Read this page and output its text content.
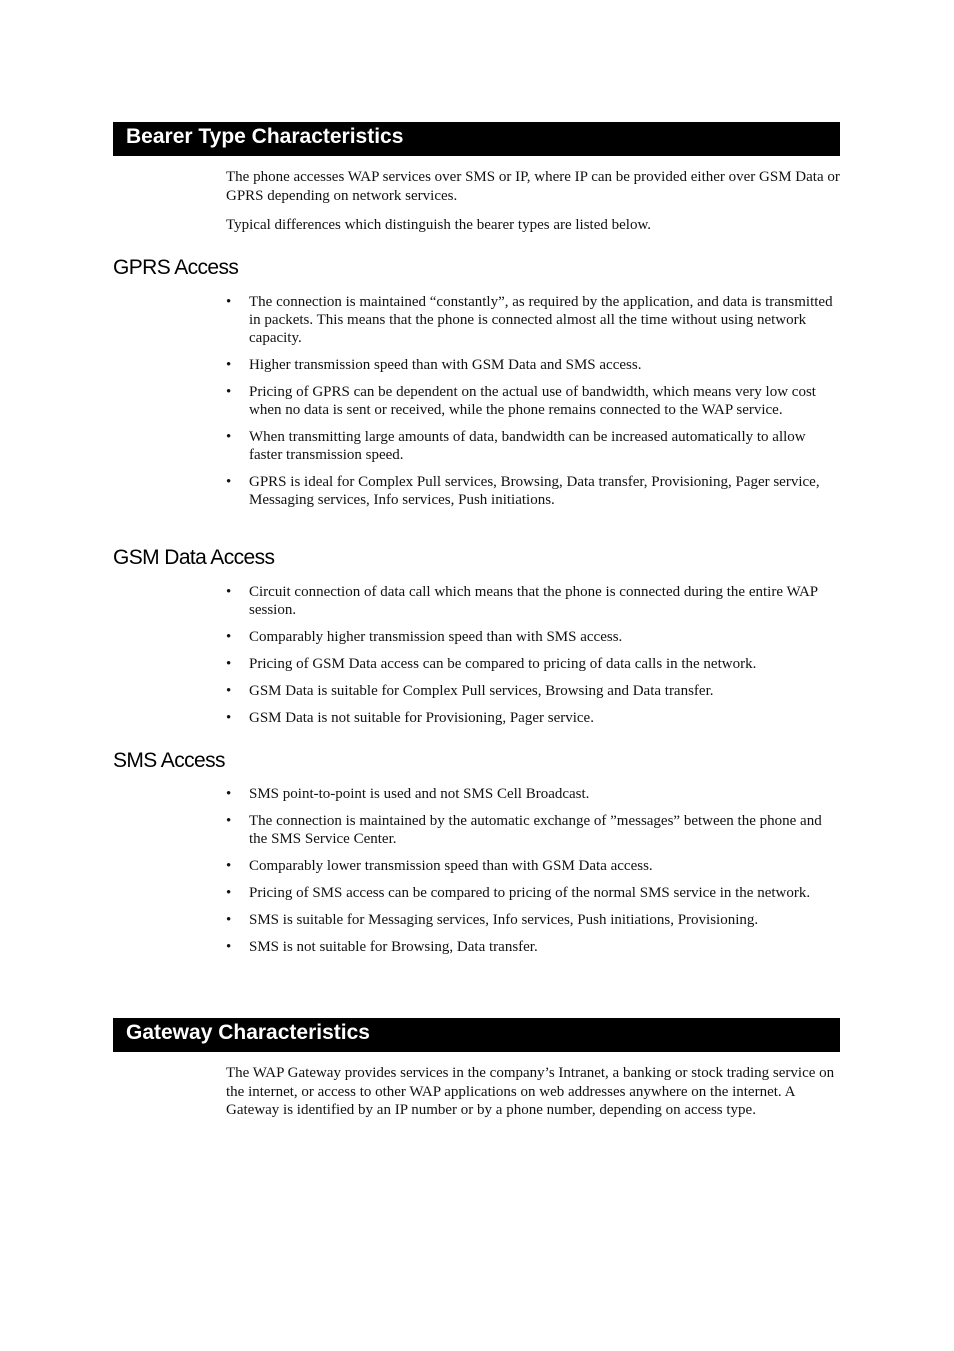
Bearer Type Characteristics

The phone accesses WAP services over SMS or IP, where IP can be provided either over GSM Data or GPRS depending on network services.

Typical differences which distinguish the bearer types are listed below.

GPRS Access
• The connection is maintained “constantly”, as required by the application, and data is transmitted in packets. This means that the phone is connected almost all the time without using network capacity.
• Higher transmission speed than with GSM Data and SMS access.
• Pricing of GPRS can be dependent on the actual use of bandwidth, which means very low cost when no data is sent or received, while the phone remains connected to the WAP service.
• When transmitting large amounts of data, bandwidth can be increased automatically to allow faster transmission speed.
• GPRS is ideal for Complex Pull services, Browsing, Data transfer, Provisioning, Pager service, Messaging services, Info services, Push initiations.
GSM Data Access
• Circuit connection of data call which means that the phone is connected during the entire WAP session.
• Comparably higher transmission speed than with SMS access.
• Pricing of GSM Data access can be compared to pricing of data calls in the network.
• GSM Data is suitable for Complex Pull services, Browsing and Data transfer.
• GSM Data is not suitable for Provisioning, Pager service.
SMS Access
• SMS point-to-point is used and not SMS Cell Broadcast.
• The connection is maintained by the automatic exchange of ”messages” between the phone and the SMS Service Center.
• Comparably lower transmission speed than with GSM Data access.
• Pricing of SMS access can be compared to pricing of the normal SMS service in the network.
• SMS is suitable for Messaging services, Info services, Push initiations, Provisioning.
• SMS is not suitable for Browsing, Data transfer.
Gateway Characteristics

The WAP Gateway provides services in the company’s Intranet, a banking or stock trading service on the internet, or access to other WAP applications on web addresses anywhere on the internet. A Gateway is identified by an IP number or by a phone number, depending on access type.
